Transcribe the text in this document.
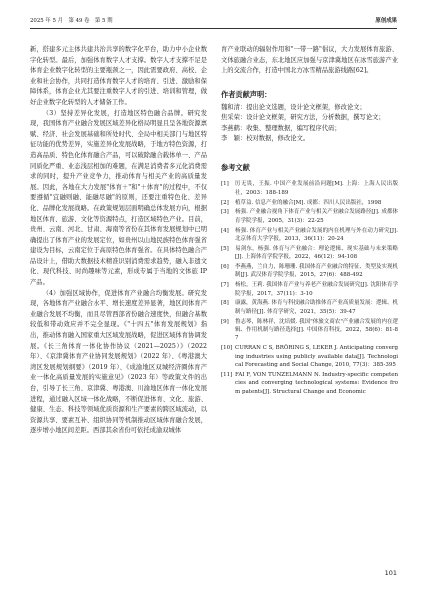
2025 年 5 月　第 49 卷　第 5 期	原创成果

新，搭建多元主体共建共治共享的数字化平台，助力中小企业数字化转型。最后，加强体育数字人才支撑。数字人才支撑不足是体育企业数字化转型的主要瓶颈之一，因此需要政府、高校、企业和社会协作，共同打造体育数字人才的培育、引进、激励和保障体系，体育企业尤其要注重数字人才的引进、培训和管理，做好企业数字化转型的人才储备工作。

（3）坚持差异化发展，打造地区特色融合品牌。研究发现，我国体育产业融合发展区域差异化格局明显且呈各地资源禀赋、经济、社会发展基础和所处时代、全局中相关部门与地区特征功能的优势差异，实施差异化发展战略，于地方特色资源，打造高品质、特色化体育融合产品，可以破除融合载体单一、产品同质化严重、业态浅层相加的难题，在满足消费者多元化消费需求的同时，提升产业竞争力，推动体育与相关产业的高质量发展。因此，各地在大力发展"体育＋"和"＋体育"的过程中，不仅要遵循"宜融则融、能融尽融"的原则，还要注重特色化、差异化、品牌化发展战略。在政策规划层面明确总体发展方向，根据地区体育、旅游、文化等资源特点，打造区域特色产业。目前，贵州、云南、河北、甘肃、海南等省份在其体育发展规划中已明确提出了体育产业的发展定位，如贵州以山地民族特色体育强省建设为目标，云南定位于高原特色体育强省。在具体特色融合产品设计上，借助大数据技术精准识别消费需求趋势，融入非遗文化、现代科技、时尚趣味等元素，形成专属于当地的文体旅 IP 产品。

（4）加强区域协作，促进体育产业融合均衡发展。研究发现，各地体育产业融合水平、增长速度差异显著，地区间体育产业融合发展不均衡，而且尽管西部省份融合速度快，但融合基数较低和带动效应并不完全显现。《"十四五"体育发展规划》指出，推动体育融入国家重大区域发展战略，促进区域体育协调发展。《长三角体育一体化协作协议（2021—2025）》（2022 年）、《京津冀体育产业协同发展规划》（2022 年）、《粤港澳大湾区发展规划纲要》（2019 年）、《成渝地区双城经济圈体育产业一体化高质量发展的实施意见》（2023 年）等政策文件的出台，引导了长三角、京津冀、粤港澳、川渝地区体育一体化发展进程，通过融入区域一体化战略，不断促进体育、文化、旅游、健康、生态、科技等领域优质资源和生产要素的跨区域流动，以资源共享、要素互补、组织协同等机制推动区域体育融合发展，逐步增小地区间差距。西部其余省份可依托成渝双城体

育产业联动的辐射作用和"一带一路"倡议，大力发展体育旅游、文体旅融合业态，东北地区应加强与京津冀地区在冰雪旅游产业上的交流合作，打造中国北方冰雪精品旅游线路[62]。

作者贡献声明：

魏和清：提出论文选题，设计论文框架，修改论文；

焦采荣：设计论文框架，研究方法，分析数据，撰写论文；

李燕鹤：收集、整理数据，编写程序代码；

李　颖：校对数据，修改论文。

参考文献
[1]	厉无畏，王振. 中国产业发展前沿问题[M]. 上海：上海人民出版社，2003：188-189
[2]	植草益. 信息产业的融合[M]. 成都：四川人民出版社，1998
[3]	杨强. 产业融合视角下体育产业与相关产业融合发展路径[J]. 成都体育学院学报，2005，31(3)：22-25
[4]	杨强. 体育产业与相关产业融合发展的内在机理与外在动力研究[J]. 北京体育大学学报，2013，36(11)：20-24
[5]	易剑东，杨强. 体育与产业融合：理论逻辑、现实基础与未来策略[J]. 上海体育学院学报，2022，46(12)：94-108
[6]	李燕燕，兰自力，陈珊珊. 我国体育产业融合的特征、类型及实现机制[J]. 武汉体育学院学报，2015，27(6)：488-492
[7]	杨松，王莉. 我国体育产业与养老产业融合发展研究[J]. 沈阳体育学院学报，2017，37(11)：3-10
[8]	康露，黄海燕. 体育与科技融合助推体育产业高质量发展：逻辑、机制与路径[J]. 体育学研究，2021，35(5)：39-47
[9]	鲁志琴，陈林祥，沈培媛. 我国"体旅文商农"产业融合发展的内在逻辑、作用机制与路径选择[J]. 中国体育科技，2022，58(6)：81-87
[10] CURRAN C S, BRÖRING S, LEKER J. Anticipating converging industries using publicly available data[J]. Technological Forecasting and Social Change, 2010, 77(3)：385-395
[11] FAI F, VON TUNZELMANN N. Industry-specific competencies and converging technological systems: Evidence from patents[J]. Structural Change and Economic
101
